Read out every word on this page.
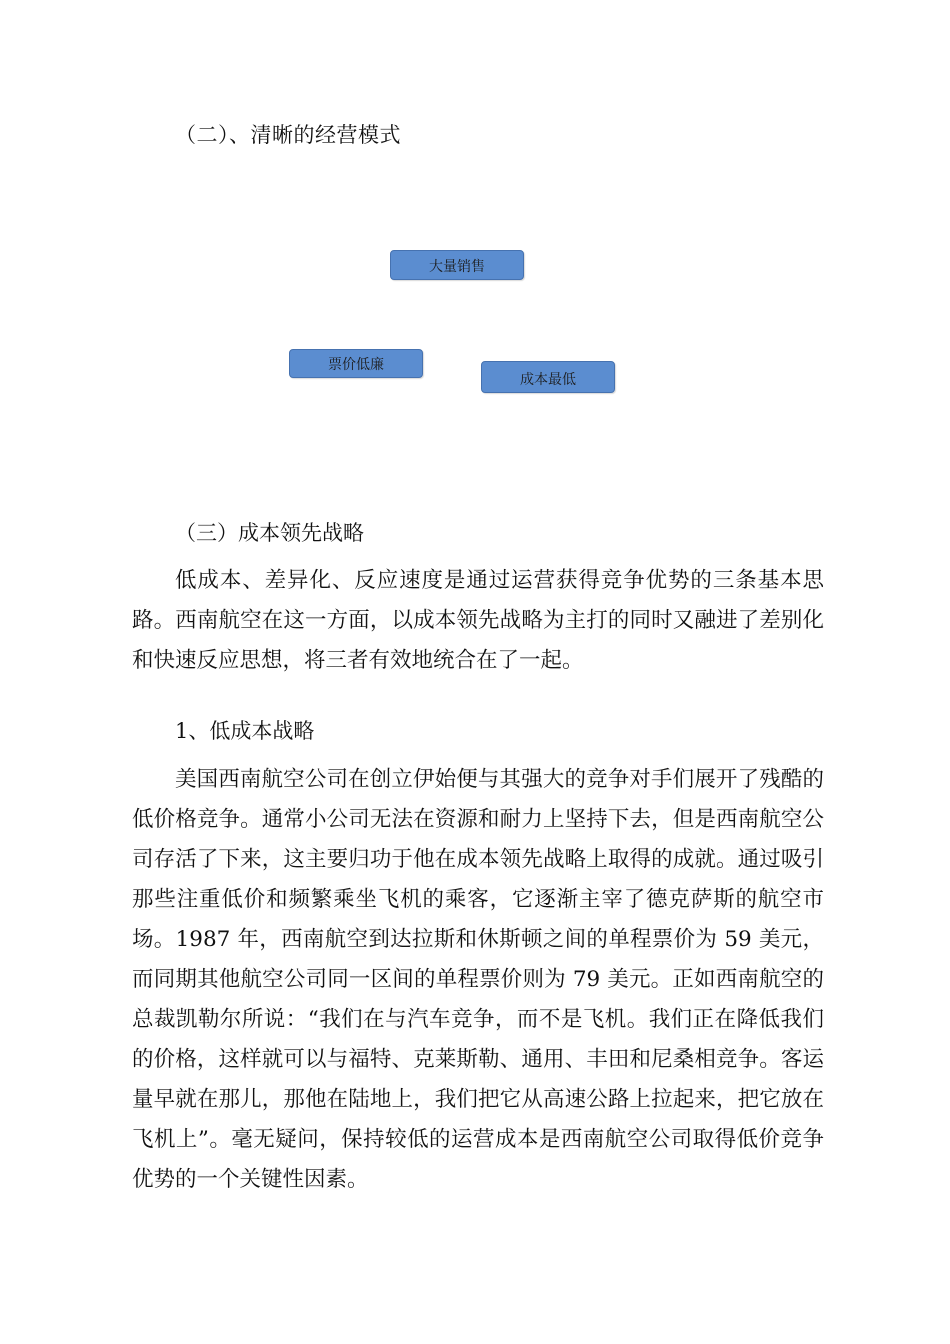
（二）、清晰的经营模式
大量销售
票价低廉
成本最低
（三）成本领先战略

低成本、差异化、反应速度是通过运营获得竞争优势的三条基本思路。西南航空在这一方面，以成本领先战略为主打的同时又融进了差别化和快速反应思想，将三者有效地统合在了一起。

1、低成本战略

美国西南航空公司在创立伊始便与其强大的竞争对手们展开了残酷的低价格竞争。通常小公司无法在资源和耐力上坚持下去，但是西南航空公司存活了下来，这主要归功于他在成本领先战略上取得的成就。通过吸引那些注重低价和频繁乘坐飞机的乘客，它逐渐主宰了德克萨斯的航空市场。1987 年，西南航空到达拉斯和休斯顿之间的单程票价为 59 美元，而同期其他航空公司同一区间的单程票价则为 79 美元。正如西南航空的总裁凯勒尔所说：“我们在与汽车竞争，而不是飞机。我们正在降低我们的价格，这样就可以与福特、克莱斯勒、通用、丰田和尼桑相竞争。客运量早就在那儿，那他在陆地上，我们把它从高速公路上拉起来，把它放在飞机上”。毫无疑问，保持较低的运营成本是西南航空公司取得低价竞争优势的一个关键性因素。
